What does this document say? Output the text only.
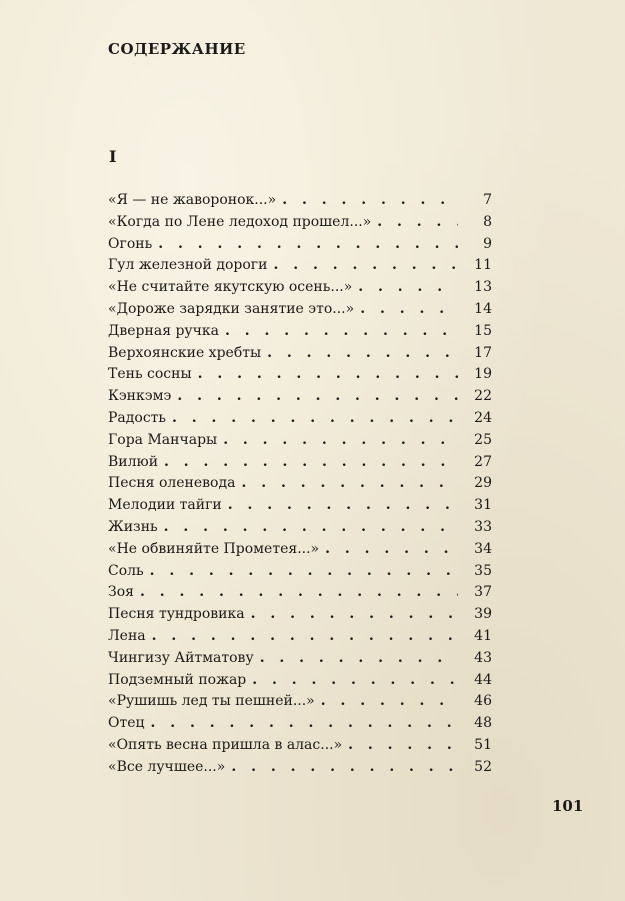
СОДЕРЖАНИЕ
I
«Я — не жаворонок...» . . .	7
«Когда по Лене ледоход прошел...» . . .	8
Огонь . . .	9
Гул железной дороги . . .	11
«Не считайте якутскую осень...» . . .	13
«Дороже зарядки занятие это...» . . .	14
Дверная ручка . . .	15
Верхоянские хребты . . .	17
Тень сосны . . .	19
Кэнкэмэ . . .	22
Радость . . .	24
Гора Манчары . . .	25
Вилюй . . .	27
Песня оленевода . . .	29
Мелодии тайги . . .	31
Жизнь . . .	33
«Не обвиняйте Прометея...» . . .	34
Соль . . .	35
Зоя . . .	37
Песня тундровика . . .	39
Лена . . .	41
Чингизу Айтматову . . .	43
Подземный пожар . . .	44
«Рушишь лед ты пешней...» . . .	46
Отец . . .	48
«Опять весна пришла в алас...» . . .	51
«Все лучшее...» . . .	52
101
